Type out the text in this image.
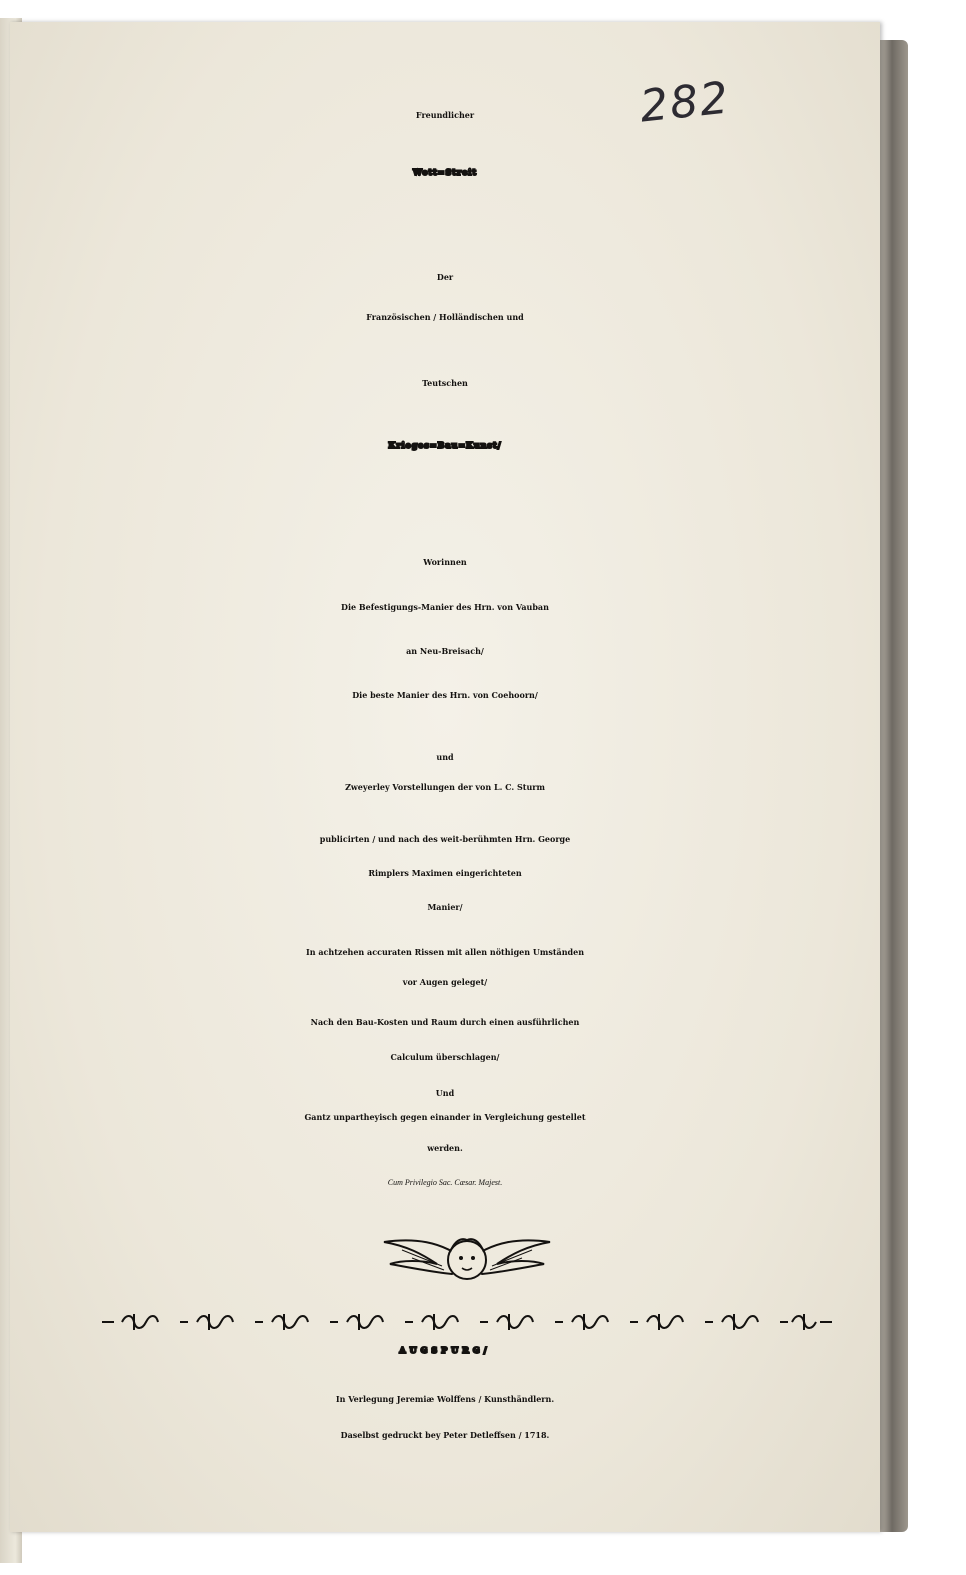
282
Freundlicher
Wett=Streit
Der
Französischen / Holländischen und
Teutschen
Krieges=Bau=Kunst/
Worinnen
Die Befestigungs-Manier des Hrn. von Vauban
an Neu-Breisach/
Die beste Manier des Hrn. von Coehoorn/
und
Zweyerley Vorstellungen der von L. C. Sturm
publicirten / und nach des weit-berühmten Hrn. George
Rimplers Maximen eingerichteten
Manier/
In achtzehen accuraten Rissen mit allen nöthigen Umständen
vor Augen geleget/
Nach den Bau-Kosten und Raum durch einen ausführlichen
Calculum überschlagen/
Und
Gantz unpartheyisch gegen einander in Vergleichung gestellet
werden.
Cum Privilegio Sac. Cæsar. Majest.
AUGSPURG/
In Verlegung Jeremiæ Wolffens / Kunsthändlern.
Daselbst gedruckt bey Peter Detleffsen / 1718.
